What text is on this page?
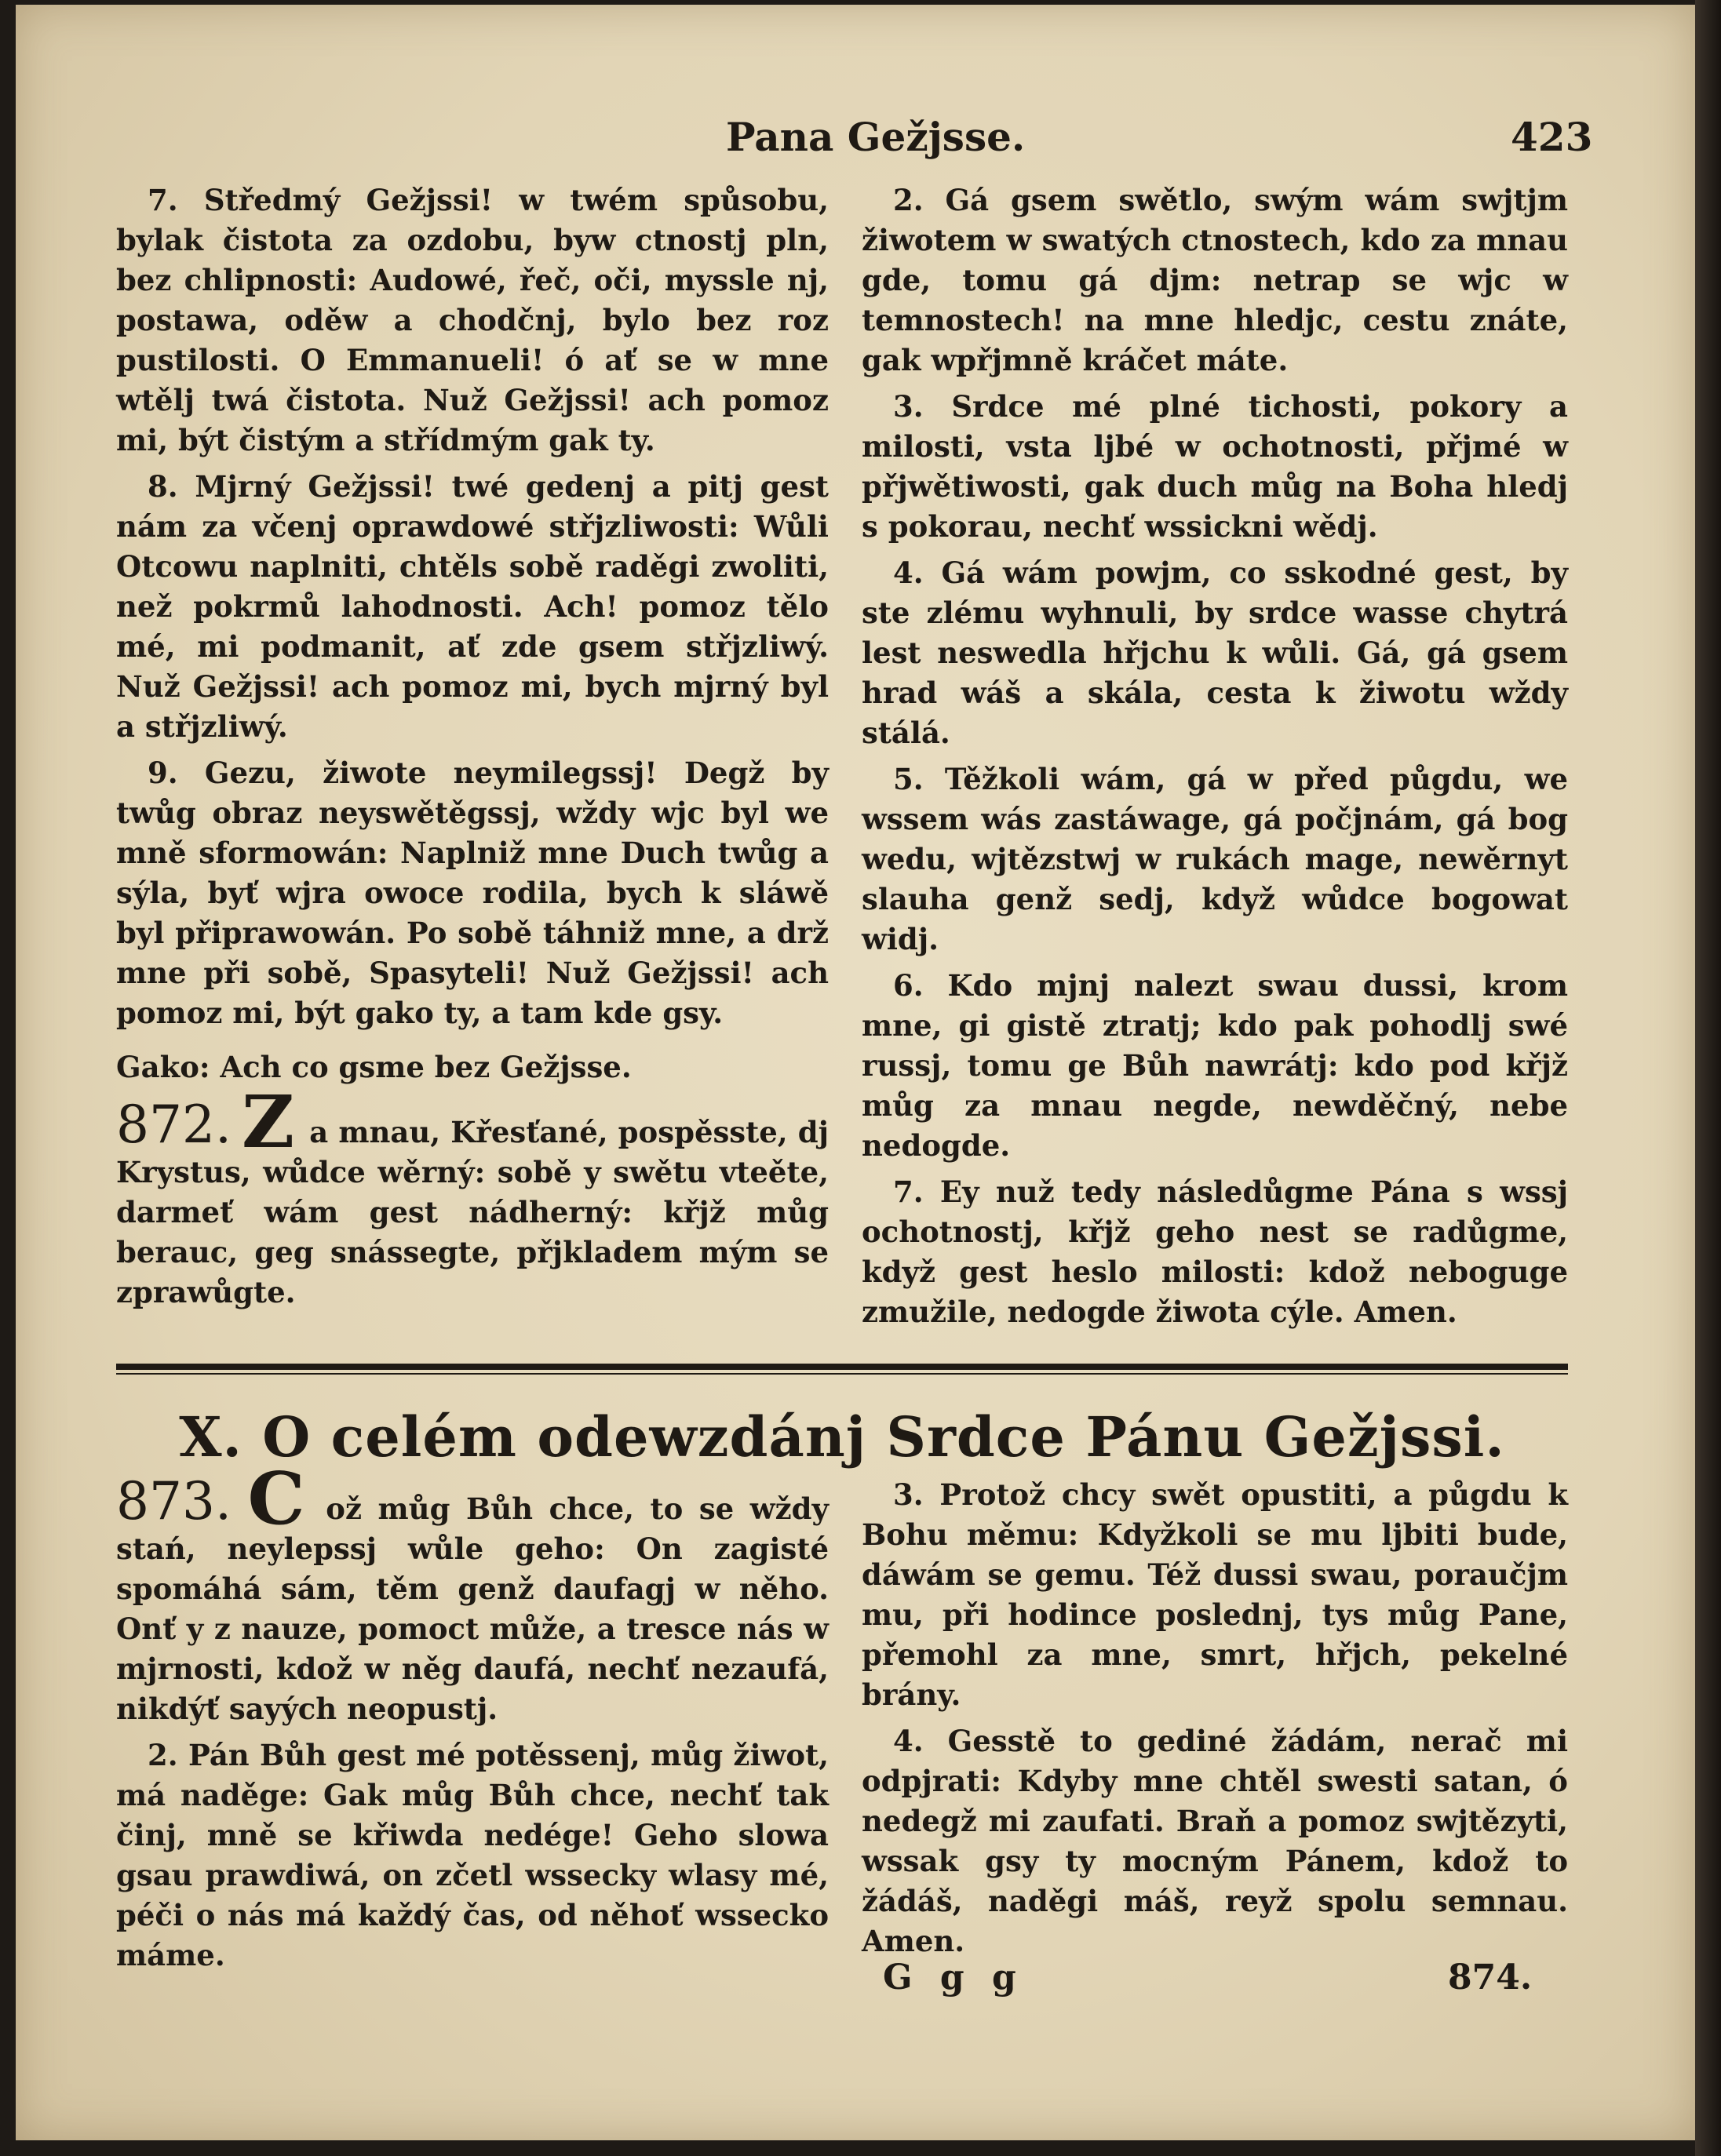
Pana Gežjsse.	423

7. Středmý Gežjssi! w twém spůsobu, bylak čistota za ozdobu, byw ctnostj pln, bez chlipnosti: Audowé, řeč, oči, myssle nj, postawa, oděw a chodčnj, bylo bez roz pustilosti. O Emmanueli! ó ať se w mne wtělj twá čistota. Nuž Gežjssi! ach pomoz mi, být čistým a střídmým gak ty.

8. Mjrný Gežjssi! twé gedenj a pitj gest nám za včenj oprawdowé střjzliwosti: Wůli Otcowu naplniti, chtěls sobě raděgi zwoliti, než pokrmů lahodnosti. Ach! pomoz tělo mé, mi podmanit, ať zde gsem střjzliwý. Nuž Gežjssi! ach pomoz mi, bych mjrný byl a střjzliwý.

9. Gezu, žiwote neymilegssj! Degž by twůg obraz neyswětěgssj, wždy wjc byl we mně sformowán: Naplniž mne Duch twůg a sýla, byť wjra owoce rodila, bych k sláwě byl připrawowán. Po sobě táhniž mne, a drž mne při sobě, Spasyteli! Nuž Gežjssi! ach pomoz mi, být gako ty, a tam kde gsy.

Gako: Ach co gsme bez Gežjsse.

872. Z a mnau, Křesťané, pospěsste, dj Krystus, wůdce wěrný: sobě y swětu vteěte, darmeť wám gest nádherný: křjž můg berauc, geg snássegte, přjkladem mým se zprawůgte.

2. Gá gsem swětlo, swým wám swjtjm žiwotem w swatých ctnostech, kdo za mnau gde, tomu gá djm: netrap se wjc w temnostech! na mne hledjc, cestu znáte, gak wpřjmně kráčet máte.

3. Srdce mé plné tichosti, pokory a milosti, vsta ljbé w ochotnosti, přjmé w přjwětiwosti, gak duch můg na Boha hledj s pokorau, nechť wssickni wědj.

4. Gá wám powjm, co sskodné gest, by ste zlému wyhnuli, by srdce wasse chytrá lest neswedla hřjchu k wůli. Gá, gá gsem hrad wáš a skála, cesta k žiwotu wždy stálá.

5. Těžkoli wám, gá w před půgdu, we wssem wás zastáwage, gá počjnám, gá bog wedu, wjtězstwj w rukách mage, newěrnyt slauha genž sedj, když wůdce bogowat widj.

6. Kdo mjnj nalezt swau dussi, krom mne, gi gistě ztratj; kdo pak pohodlj swé russj, tomu ge Bůh nawrátj: kdo pod křjž můg za mnau negde, newděčný, nebe nedogde.

7. Ey nuž tedy následůgme Pána s wssj ochotnostj, křjž geho nest se radůgme, když gest heslo milosti: kdož neboguge zmužile, nedogde žiwota cýle. Amen.

X. O celém odewzdánj Srdce Pánu Gežjssi.

873. C ož můg Bůh chce, to se wždy stań, neylepssj wůle geho: On zagisté spomáhá sám, těm genž daufagj w něho. Onť y z nauze, pomoct může, a tresce nás w mjrnosti, kdož w něg daufá, nechť nezaufá, nikdýť sayých neopustj.

2. Pán Bůh gest mé potěssenj, můg žiwot, má naděge: Gak můg Bůh chce, nechť tak činj, mně se křiwda nedége! Geho slowa gsau prawdiwá, on zčetl wssecky wlasy mé, péči o nás má každý čas, od něhoť wssecko máme.

3. Protož chcy swět opustiti, a půgdu k Bohu měmu: Kdyžkoli se mu ljbiti bude, dáwám se gemu. Též dussi swau, poraučjm mu, při hodince poslednj, tys můg Pane, přemohl za mne, smrt, hřjch, pekelné brány.

4. Gesstě to gediné žádám, nerač mi odpjrati: Kdyby mne chtěl swesti satan, ó nedegž mi zaufati. Braň a pomoz swjtězyti, wssak gsy ty mocným Pánem, kdož to žádáš, naděgi máš, reyž spolu semnau. Amen.

G g g	874.
